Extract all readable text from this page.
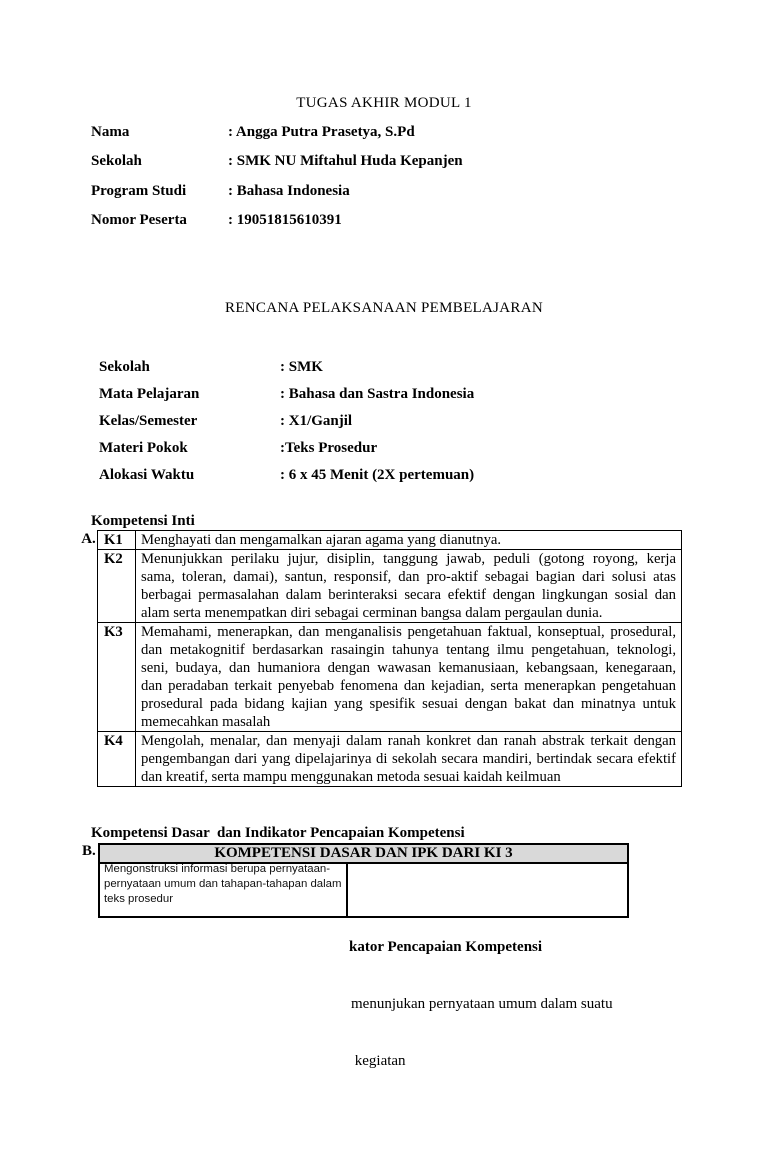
TUGAS AKHIR MODUL 1
Nama	: Angga Putra Prasetya, S.Pd
Sekolah	: SMK NU Miftahul Huda Kepanjen
Program Studi	: Bahasa Indonesia
Nomor Peserta	: 19051815610391
RENCANA PELAKSANAAN PEMBELAJARAN
Sekolah	: SMK
Mata Pelajaran	: Bahasa dan Sastra Indonesia
Kelas/Semester	: X1/Ganjil
Materi Pokok	:Teks Prosedur
Alokasi Waktu	: 6 x 45 Menit (2X pertemuan)

A.

Kompetensi Inti

K1	Menghayati dan mengamalkan ajaran agama yang dianutnya.
K2	Menunjukkan perilaku jujur, disiplin, tanggung jawab, peduli (gotong royong, kerja
sama, toleran, damai), santun, responsif, dan pro-aktif sebagai bagian dari solusi atas
berbagai permasalahan dalam berinteraksi secara efektif dengan lingkungan sosial dan
alam serta menempatkan diri sebagai cerminan bangsa dalam pergaulan dunia.
K3	Memahami, menerapkan, dan menganalisis pengetahuan faktual, konseptual, prosedural,
dan metakognitif berdasarkan rasaingin tahunya tentang ilmu pengetahuan, teknologi,
seni, budaya, dan humaniora dengan wawasan kemanusiaan, kebangsaan, kenegaraan,
dan peradaban terkait penyebab fenomena dan kejadian, serta menerapkan pengetahuan
prosedural pada bidang kajian yang spesifik sesuai dengan bakat dan minatnya untuk
memecahkan masalah
K4	Mengolah, menalar, dan menyaji dalam ranah konkret dan ranah abstrak terkait dengan
pengembangan dari yang dipelajarinya di sekolah secara mandiri, bertindak secara efektif
dan kreatif, serta mampu menggunakan metoda sesuai kaidah keilmuan

B.

Kompetensi Dasar  dan Indikator Pencapaian Kompetensi

KOMPETENSI DASAR DAN IPK DARI KI 3
Mengonstruksi informasi berupa pernyataan-
pernyataan umum dan tahapan-tahapan dalam
teks prosedur

kator Pencapaian Kompetensi

menunjukan pernyataan umum dalam suatu

kegiatan
